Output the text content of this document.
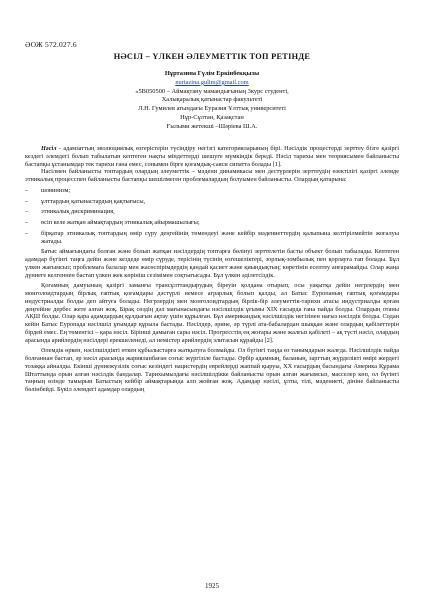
ӘОЖ 572.027.6
НӘСІЛ – ҮЛКЕН ӘЛЕУМЕТТІК ТОП РЕТІНДЕ
Нұртазина Гүлім Еркінбекқызы
nurtazina.gulim@gmail.com
«5В050500 – Аймақтану мамандығының 3курс студенті,
Халықаралық қатынастар факультеті
Л.Н. Гумилев атындағы Еуразия Ұлттық университеті
Нұр-Сұлтан, Қазақстан
Ғылыми жетекші –Шәріева Ш.А.

Нәсіл - адамзаттың эволюциялық өзгерістерін түсіндіру негізгі категорияларының бірі. Нәсілдік процестерді зерттеу бізге қазіргі кездегі әлемдегі болып табылатын кептеген нақты міндеттерді шешуге мүмкіндік береді. Нәсіл тарихы мен теориясымен байланысты бастапқы ұстанымдар тек тарихи ғана емес, сонымен бірге қоғамдық-саяси сипатта болады [1].

Насілмен байланысты топтардың олардың әлеуметтік – мәдени динамикасы мен дестүрлерін зерттеудің өзектілігі қазіргі әлемде этникалық процесспен байланысты бастапқы шешілмеген проблемалардың болуымен байланысты. Олардың қатарына:

– шовинизм;
– ұлттардың қатынастардың қақтығысы,
– этникалық дискриминация,
– өсіп келе жатқан аймақтардың этникалық айырмашылығы;
– бірқатар этникалық топтардың өмір сүру деңгейінің төмендеуі және кейбір мәдениеттердің қалыпына келтірілмейтін жоғалуы жатады.

Батыс аймағындағы болған және болып жатқан нәсілдердің топтарға бөлінуі зерттелетін басты объект болып табылады. Кептеген адамдар бүгінгі таңға дейін және кездеде өмір сүруде, терісінің түсінің өзгешеліктері, зорлық-зомбылық пен қорлауға тап болады. Бұл үлкен жағымсыз; проблемаға балалар мен жасөспірімдердің қандай қасиет және қиындықтың; көретінін есептеу анғарамайды. Олар жаңа дүниеге келгеннен бастап үлкен жек көрініш сезімімен соқтығысады. Бұл үлкен әділетсіздік.

Қоғамның дамуының қазіргі заманғы трансұлттандырудың біреуін қолдана отырып, осы уақытқа дейін негрлердің мен монголоидтардың бірлық ғаптық қоғамдары дәстүрлі немесе аграрлық болып қалды, ал Батыс Еуропаның ғаптық қоғамдары индустриалды болды деп айтуға болады. Негрлердің мен монголоидтардың бірлік-бір әлеуметтік-тарихи атасы индустриалды қоғам деңгейіне дербес жете алған жоқ. Бірақ сөздің дәл мағынасындағы нәсілшілдік ұғымы XIX ғасырда ғана пайда болды. Олардың отаны АҚШ болды. Олар қара адамдардың құлдығын ақтау үшін құрылған. Бұл американдық нәсілшілдік негізінен нағыз нәсілдік болды. Содан кейін Батыс Еуропада нәсілшіл ұғымдар құрыла бастады. Нәсілдер, әрине, әр түрлі ата-бабалардан шыққан және олардың қабілеттерін бірдей емес. Ең төменгісі – қара нәсіл. Бірінші дамыған сары нәсіл. Прогресстің ең жоғары және жалғыз қабілеті – ақ түсті нәсіл, олардың арасында арийлердің нәсілдері ерекшеленеді, ал немістер арийлердің элитасын құрайды [2].

Әлемдік өркен, нәсілшілдікті өткен құбылыстарға жатқызуға болмайды. Ол бүгінгі таңда өз танымдарын жалғда. Нәсілшілдік пайда болғаннан бастап, әр нәсіл арасында жарияланбаған соғыс жүргізіле бастады. Әрбір адамның, баланың, заргтың жүрделікті өмірі жердегі тозаққа айналды. Екінші дүниежүзілік соғыс кезіндегі нацистердің еврейлерді жаппай қыруы, XX ғасырдың басындағы Америка Құрама Штаттында орын алған нәсілдік бандалар. Тарихымыздағы нәсілшілдікке байланысты орын алған жағымсыз, масселер көп, ол бүгінгі таңның өзінде тамырын Батыстың кейбір аймақтарында алп жойған жоқ. Адамдар нәсілі, ұлты, тілі, мәдениеті, дініне байланысты бөлінбейді. Бүкіл әлемдегі адамдар олардың

1925
